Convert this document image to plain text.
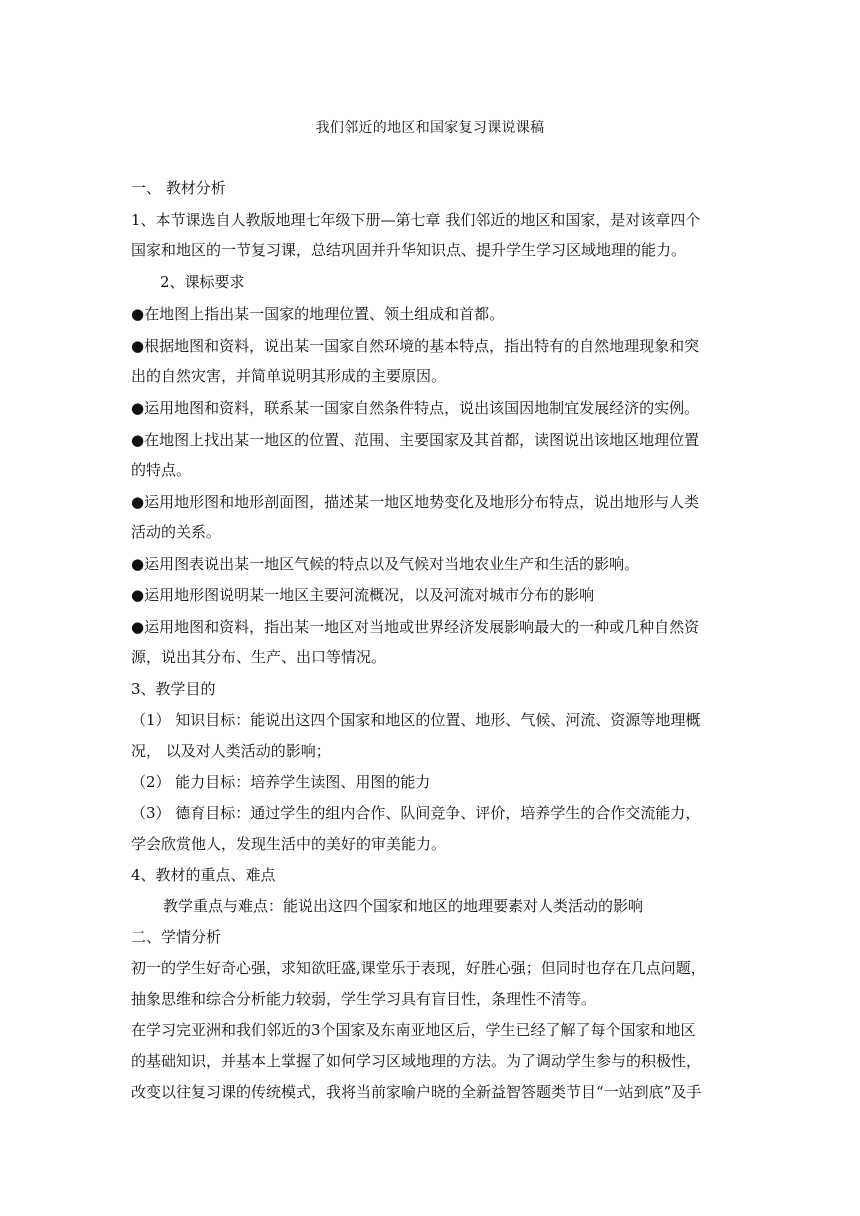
我们邻近的地区和国家复习课说课稿
一、 教材分析
1、本节课选自人教版地理七年级下册—第七章 我们邻近的地区和国家，是对该章四个
国家和地区的一节复习课，总结巩固并升华知识点、提升学生学习区域地理的能力。
2、课标要求
●在地图上指出某一国家的地理位置、领土组成和首都。
●根据地图和资料，说出某一国家自然环境的基本特点，指出特有的自然地理现象和突
出的自然灾害，并简单说明其形成的主要原因。
●运用地图和资料，联系某一国家自然条件特点，说出该国因地制宜发展经济的实例。
●在地图上找出某一地区的位置、范围、主要国家及其首都，读图说出该地区地理位置
的特点。
●运用地形图和地形剖面图，描述某一地区地势变化及地形分布特点，说出地形与人类
活动的关系。
●运用图表说出某一地区气候的特点以及气候对当地农业生产和生活的影响。
●运用地形图说明某一地区主要河流概况，以及河流对城市分布的影响
●运用地图和资料，指出某一地区对当地或世界经济发展影响最大的一种或几种自然资
源，说出其分布、生产、出口等情况。
3、教学目的
（1） 知识目标：能说出这四个国家和地区的位置、地形、气候、河流、资源等地理概
况， 以及对人类活动的影响；
（2） 能力目标：培养学生读图、用图的能力
（3） 德育目标：通过学生的组内合作、队间竞争、评价，培养学生的合作交流能力，
学会欣赏他人，发现生活中的美好的审美能力。
4、教材的重点、难点
教学重点与难点：能说出这四个国家和地区的地理要素对人类活动的影响
二、学情分析
初一的学生好奇心强，求知欲旺盛,课堂乐于表现，好胜心强；但同时也存在几点问题，
抽象思维和综合分析能力较弱，学生学习具有盲目性，条理性不清等。
在学习完亚洲和我们邻近的3个国家及东南亚地区后，学生已经了解了每个国家和地区
的基础知识，并基本上掌握了如何学习区域地理的方法。为了调动学生参与的积极性，
改变以往复习课的传统模式，我将当前家喻户晓的全新益智答题类节目“一站到底”及手
